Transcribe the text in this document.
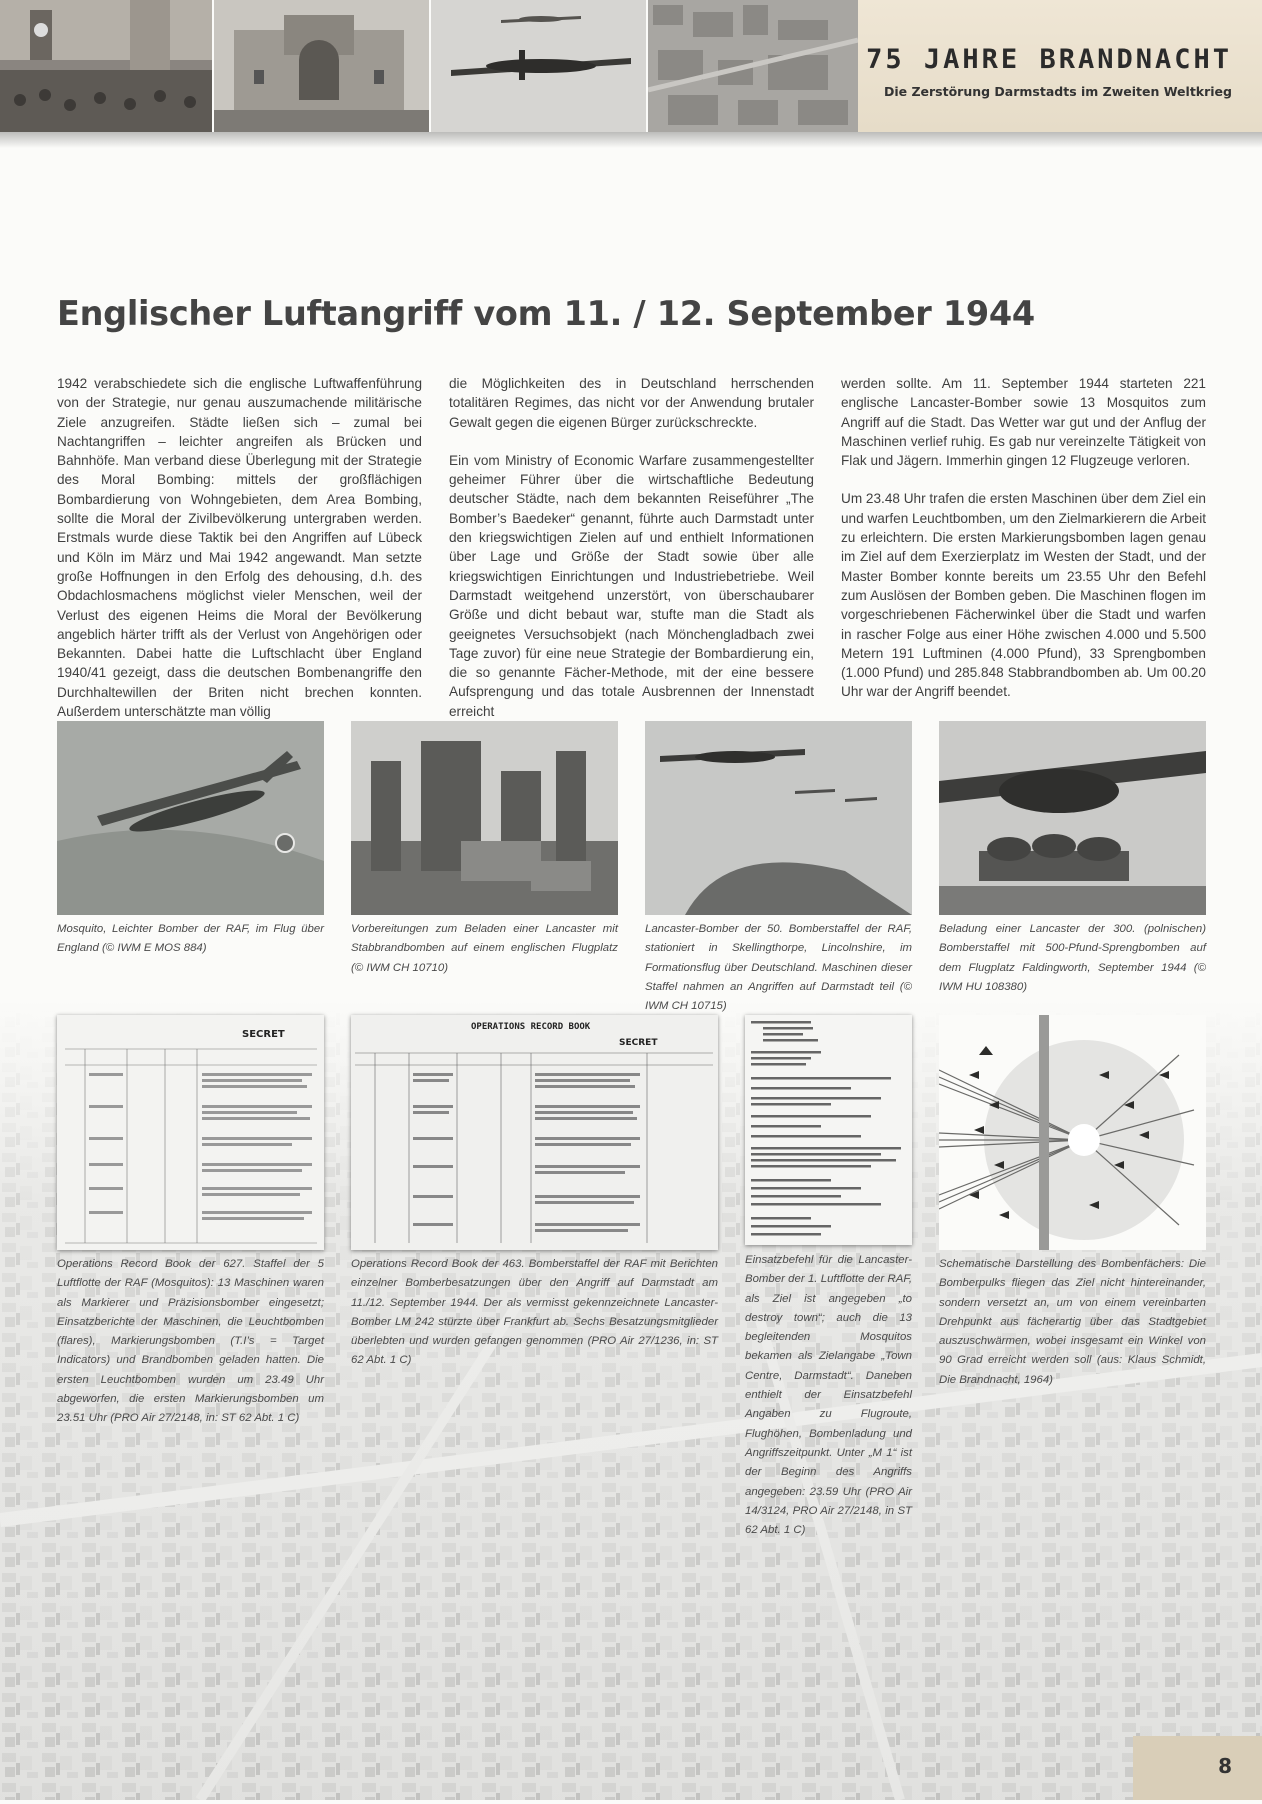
75 JAHRE BRANDNACHT
Die Zerstörung Darmstadts im Zweiten Weltkrieg
Englischer Luftangriff vom 11. / 12. September 1944

1942 verabschiedete sich die englische Luftwaffenführung von der Strategie, nur genau auszumachende militärische Ziele anzugreifen. Städte ließen sich – zumal bei Nachtangriffen – leichter angreifen als Brücken und Bahnhöfe. Man verband diese Überlegung mit der Strategie des Moral Bombing: mittels der großflächigen Bombardierung von Wohngebieten, dem Area Bombing, sollte die Moral der Zivilbevölkerung untergraben werden. Erstmals wurde diese Taktik bei den Angriffen auf Lübeck und Köln im März und Mai 1942 angewandt. Man setzte große Hoffnungen in den Erfolg des dehousing, d.h. des Obdachlosmachens möglichst vieler Menschen, weil der Verlust des eigenen Heims die Moral der Bevölkerung angeblich härter trifft als der Verlust von Angehörigen oder Bekannten. Dabei hatte die Luftschlacht über England 1940/41 gezeigt, dass die deutschen Bombenangriffe den Durchhaltewillen der Briten nicht brechen konnten. Außerdem unterschätzte man völlig

die Möglichkeiten des in Deutschland herrschenden totalitären Regimes, das nicht vor der Anwendung brutaler Gewalt gegen die eigenen Bürger zurückschreckte.

Ein vom Ministry of Economic Warfare zusammengestellter geheimer Führer über die wirtschaftliche Bedeutung deutscher Städte, nach dem bekannten Reiseführer „The Bomber’s Baedeker“ genannt, führte auch Darmstadt unter den kriegswichtigen Zielen auf und enthielt Informationen über Lage und Größe der Stadt sowie über alle kriegswichtigen Einrichtungen und Industriebetriebe. Weil Darmstadt weitgehend unzerstört, von überschaubarer Größe und dicht bebaut war, stufte man die Stadt als geeignetes Versuchsobjekt (nach Mönchengladbach zwei Tage zuvor) für eine neue Strategie der Bombardierung ein, die so genannte Fächer-Methode, mit der eine bessere Aufsprengung und das totale Ausbrennen der Innenstadt erreicht

werden sollte. Am 11. September 1944 starteten 221 englische Lancaster-Bomber sowie 13 Mosquitos zum Angriff auf die Stadt. Das Wetter war gut und der Anflug der Maschinen verlief ruhig. Es gab nur vereinzelte Tätigkeit von Flak und Jägern. Immerhin gingen 12 Flugzeuge verloren.

Um 23.48 Uhr trafen die ersten Maschinen über dem Ziel ein und warfen Leuchtbomben, um den Zielmarkierern die Arbeit zu erleichtern. Die ersten Markierungsbomben lagen genau im Ziel auf dem Exerzierplatz im Westen der Stadt, und der Master Bomber konnte bereits um 23.55 Uhr den Befehl zum Auslösen der Bomben geben. Die Maschinen flogen im vorgeschriebenen Fächerwinkel über die Stadt und warfen in rascher Folge aus einer Höhe zwischen 4.000 und 5.500 Metern 191 Luftminen (4.000 Pfund), 33 Sprengbomben (1.000 Pfund) und 285.848 Stabbrandbomben ab. Um 00.20 Uhr war der Angriff beendet.

Mosquito, Leichter Bomber der RAF, im Flug über England (© IWM E MOS 884)
Vorbereitungen zum Beladen einer Lancaster mit Stabbrandbomben auf einem englischen Flugplatz (© IWM CH 10710)
Lancaster-Bomber der 50. Bomberstaffel der RAF, stationiert in Skellingthorpe, Lincolnshire, im Formationsflug über Deutschland. Maschinen dieser Staffel nahmen an Angriffen auf Darmstadt teil (© IWM CH 10715)
Beladung einer Lancaster der 300. (polnischen) Bomberstaffel mit 500-Pfund-Sprengbomben auf dem Flugplatz Faldingworth, September 1944 (© IWM HU 108380)
SECRET
Operations Record Book der 627. Staffel der 5 Luftflotte der RAF (Mosquitos): 13 Maschinen waren als Markierer und Präzisionsbomber eingesetzt; Einsatzberichte der Maschinen, die Leuchtbomben (flares), Markierungsbomben (T.I’s = Target Indicators) und Brandbomben geladen hatten. Die ersten Leuchtbomben wurden um 23.49 Uhr abgeworfen, die ersten Markierungsbomben um 23.51 Uhr (PRO Air 27/2148, in: ST 62 Abt. 1 C)
OPERATIONS RECORD BOOK
SECRET
Operations Record Book der 463. Bomberstaffel der RAF mit Berichten einzelner Bomberbesatzungen über den Angriff auf Darmstadt am 11./12. September 1944. Der als vermisst gekennzeichnete Lancaster-Bomber LM 242 stürzte über Frankfurt ab. Sechs Besatzungsmitglieder überlebten und wurden gefangen genommen (PRO Air 27/1236, in: ST 62 Abt. 1 C)
Einsatzbefehl für die Lancaster-Bomber der 1. Luftflotte der RAF, als Ziel ist angegeben „to destroy town“; auch die 13 begleitenden Mosquitos bekamen als Zielangabe „Town Centre, Darmstadt“. Daneben enthielt der Einsatzbefehl Angaben zu Flugroute, Flughöhen, Bombenladung und Angriffszeitpunkt. Unter „M 1“ ist der Beginn des Angriffs angegeben: 23.59 Uhr (PRO Air 14/3124, PRO Air 27/2148, in ST 62 Abt. 1 C)
Schematische Darstellung des Bombenfächers: Die Bomberpulks fliegen das Ziel nicht hintereinander, sondern versetzt an, um von einem vereinbarten Drehpunkt aus fächerartig über das Stadtgebiet auszuschwärmen, wobei insgesamt ein Winkel von 90 Grad erreicht werden soll (aus: Klaus Schmidt, Die Brandnacht, 1964)
8
